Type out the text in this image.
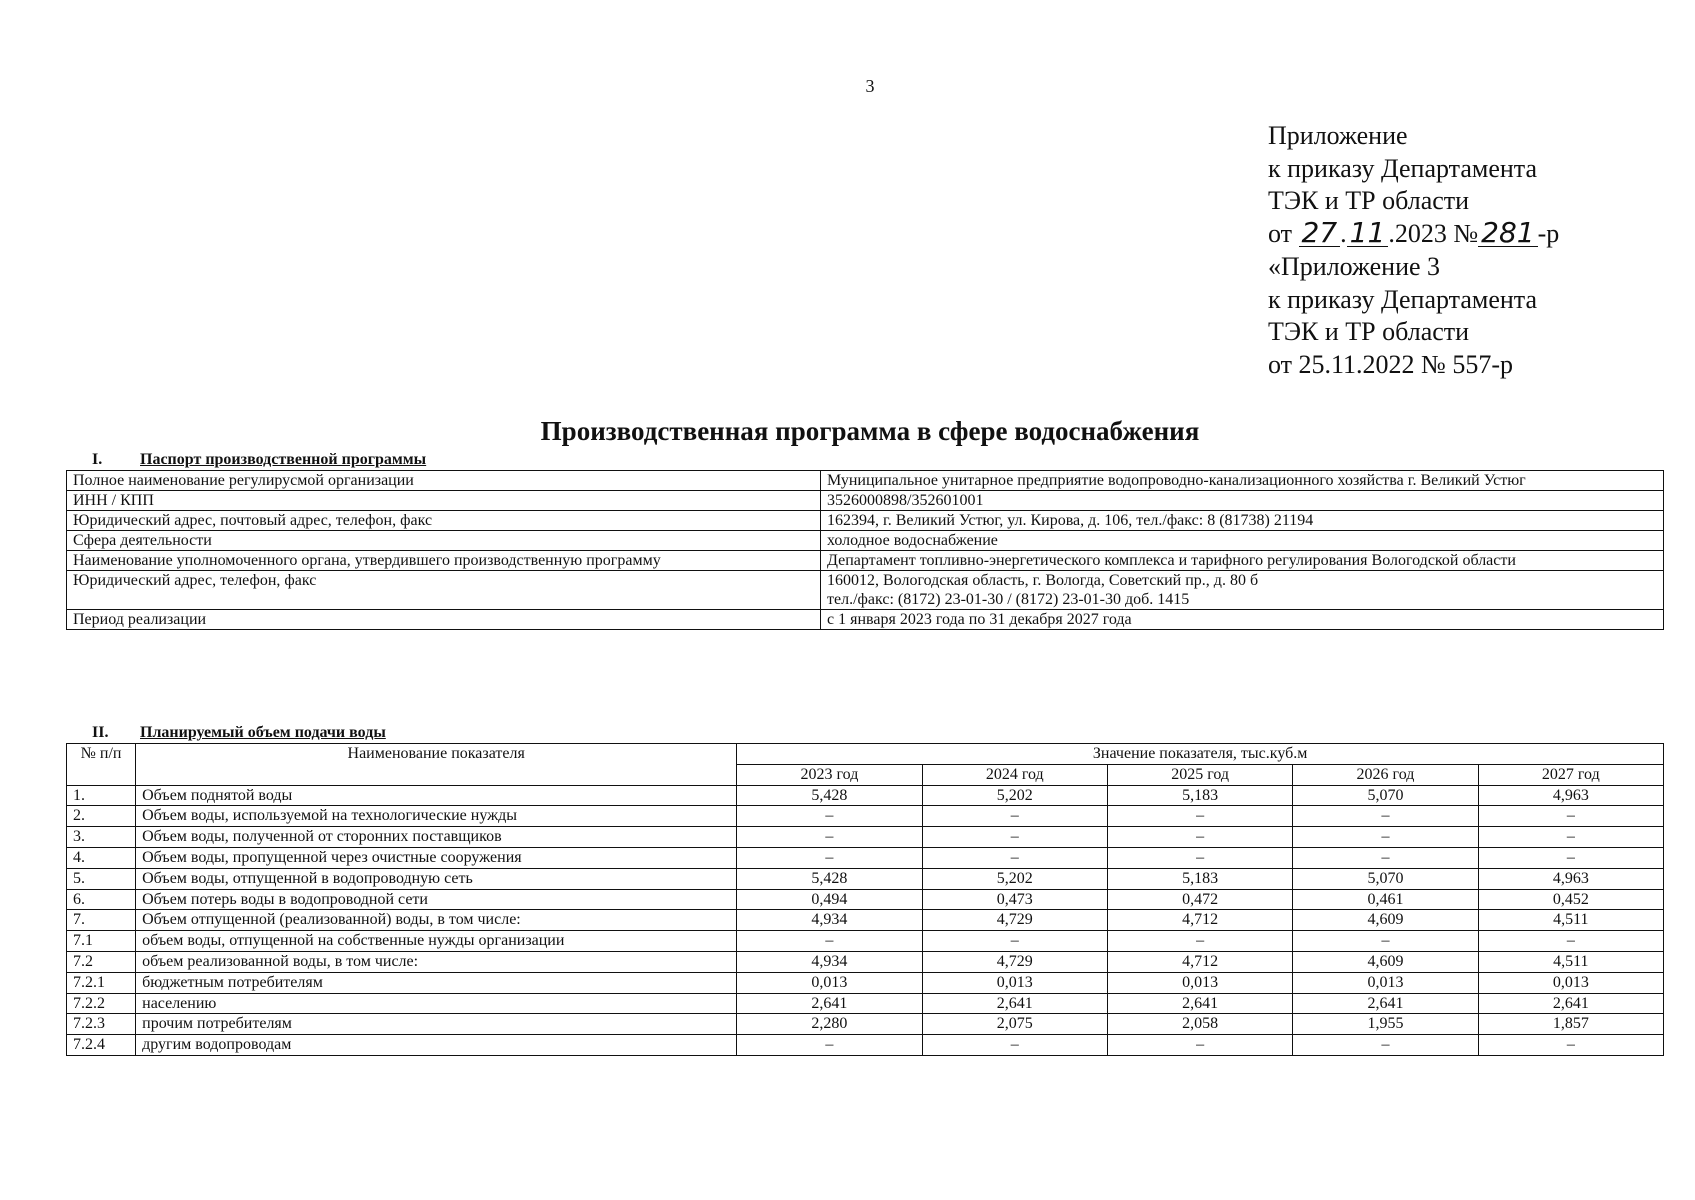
3
Приложение
к приказу Департамента
ТЭК и ТР области
от 27 . 11 .2023 № 281 -р
«Приложение 3
к приказу Департамента
ТЭК и ТР области
от 25.11.2022 № 557-р
Производственная программа в сфере водоснабжения
I. Паспорт производственной программы
Полное наименование регулирусмой организации	Муниципальное унитарное предприятие водопроводно-канализационного хозяйства г. Великий Устюг
ИНН / КПП	3526000898/352601001
Юридический адрес, почтовый адрес, телефон, факс	162394, г. Великий Устюг, ул. Кирова, д. 106, тел./факс: 8 (81738) 21194
Сфера деятельности	холодное водоснабжение
Наименование уполномоченного органа, утвердившего производственную программу	Департамент топливно-энергетического комплекса и тарифного регулирования Вологодской области
Юридический адрес, телефон, факс	160012, Вологодская область, г. Вологда, Советский пр., д. 80 б
тел./факс: (8172) 23-01-30 / (8172) 23-01-30 доб. 1415

Период реализации	с 1 января 2023 года по 31 декабря 2027 года
II. Планируемый объем подачи воды
№ п/п	Наименование показателя	Значение показателя, тыс.куб.м				
		2023 год	2024 год	2025 год	2026 год	2027 год
1.	Объем поднятой воды	5,428	5,202	5,183	5,070	4,963
2.	Объем воды, используемой на технологические нужды	–	–	–	–	–
3.	Объем воды, полученной от сторонних поставщиков	–	–	–	–	–
4.	Объем воды, пропущенной через очистные сооружения	–	–	–	–	–
5.	Объем воды, отпущенной в водопроводную сеть	5,428	5,202	5,183	5,070	4,963
6.	Объем потерь воды в водопроводной сети	0,494	0,473	0,472	0,461	0,452
7.	Объем отпущенной (реализованной) воды, в том числе:	4,934	4,729	4,712	4,609	4,511
7.1	объем воды, отпущенной на собственные нужды организации	–	–	–	–	–
7.2	объем реализованной воды, в том числе:	4,934	4,729	4,712	4,609	4,511
7.2.1	бюджетным потребителям	0,013	0,013	0,013	0,013	0,013
7.2.2	населению	2,641	2,641	2,641	2,641	2,641
7.2.3	прочим потребителям	2,280	2,075	2,058	1,955	1,857
7.2.4	другим водопроводам	–	–	–	–	–
